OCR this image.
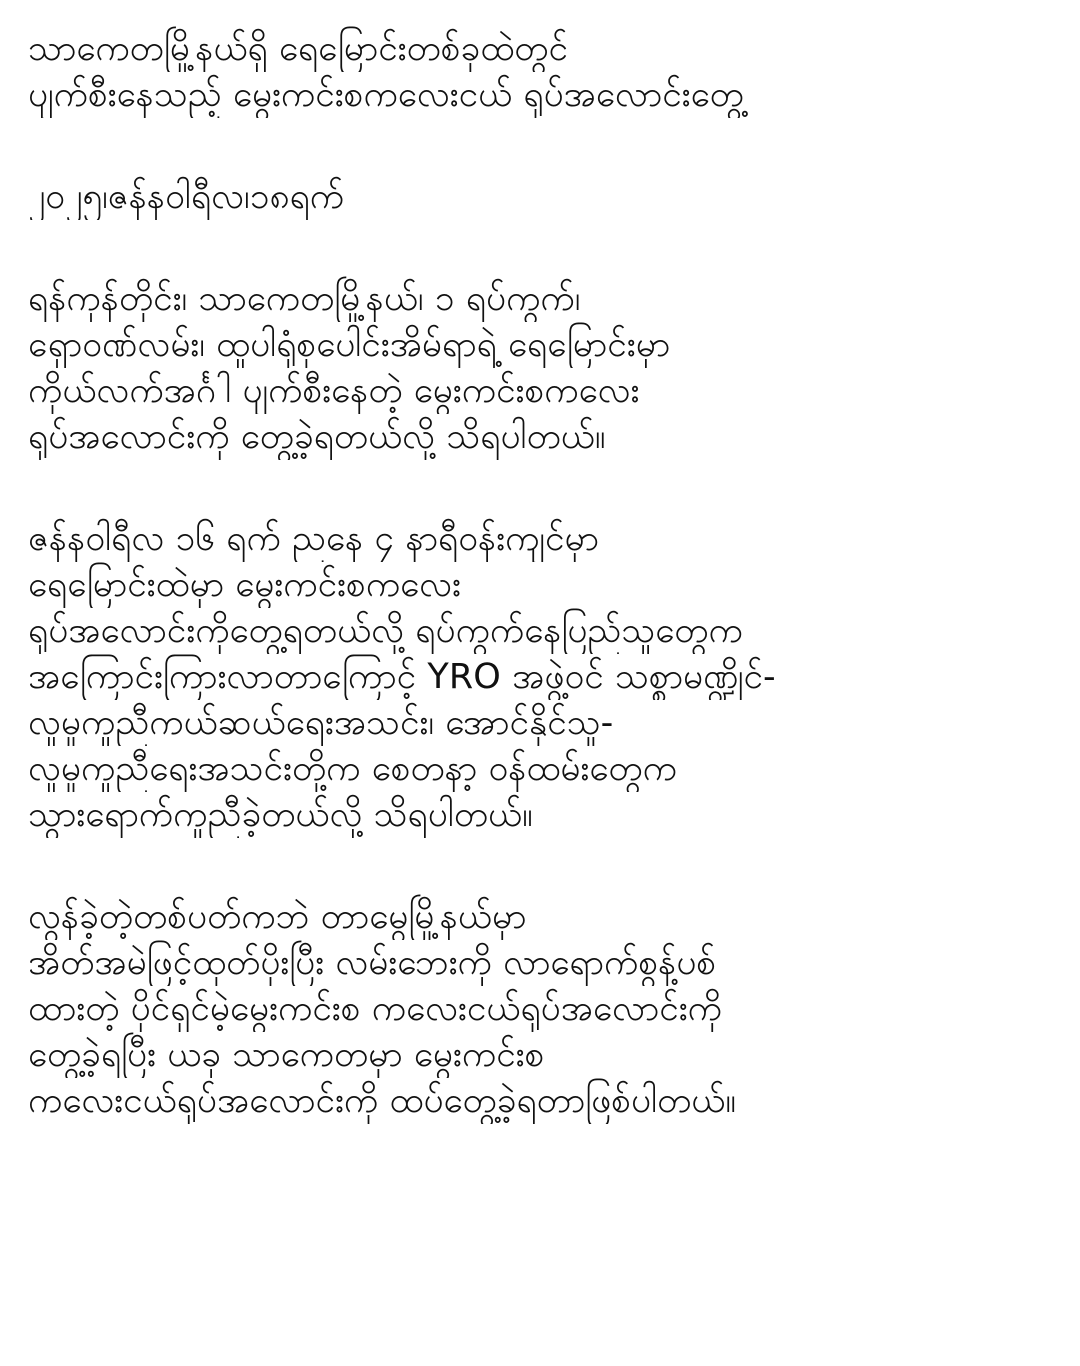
သာကေတမြို့နယ်ရှိ ရေမြောင်းတစ်ခုထဲတွင်
ပျက်စီးနေသည့် မွေးကင်းစကလေးငယ် ရုပ်အလောင်းတွေ့
၂၀၂၅၊ဇန်နဝါရီလ၊၁၈ရက်
ရန်ကုန်တိုင်း၊ သာကေတမြို့နယ်၊ ၁ ရပ်ကွက်၊
ရှောဝဏ်လမ်း၊ ထူပါရုံစုပေါင်းအိမ်ရာရဲ့ ရေမြောင်းမှာ
ကိုယ်လက်အင်္ဂါ ပျက်စီးနေတဲ့ မွေးကင်းစကလေး
ရုပ်အလောင်းကို တွေ့ခဲ့ရတယ်လို့ သိရပါတယ်။
ဇန်နဝါရီလ ၁၆ ရက် ညနေ ၄ နာရီဝန်းကျင်မှာ
ရေမြောင်းထဲမှာ မွေးကင်းစကလေး
ရုပ်အလောင်းကိုတွေ့ရတယ်လို့ ရပ်ကွက်နေပြည်သူတွေက
အကြောင်းကြားလာတာကြောင့် YRO အဖွဲ့ဝင် သစ္စာမဏ္ဍိုင်-
လူမှုကူညီကယ်ဆယ်ရေးအသင်း၊ အောင်နိုင်သူ-
လူမှုကူညီရေးအသင်းတို့က စေတနာ့ ဝန်ထမ်းတွေက
သွားရောက်ကူညီခဲ့တယ်လို့ သိရပါတယ်။
လွန်ခဲ့တဲ့တစ်ပတ်ကဘဲ တာမွေမြို့နယ်မှာ
အိတ်အမဲဖြင့်ထုတ်ပိုးပြီး လမ်းဘေးကို လာရောက်စွန့်ပစ်
ထားတဲ့ ပိုင်ရှင်မဲ့မွေးကင်းစ ကလေးငယ်ရုပ်အလောင်းကို
တွေ့ခဲ့ရပြီး ယခု သာကေတမှာ မွေးကင်းစ
ကလေးငယ်ရုပ်အလောင်းကို ထပ်တွေ့ခဲ့ရတာဖြစ်ပါတယ်။
